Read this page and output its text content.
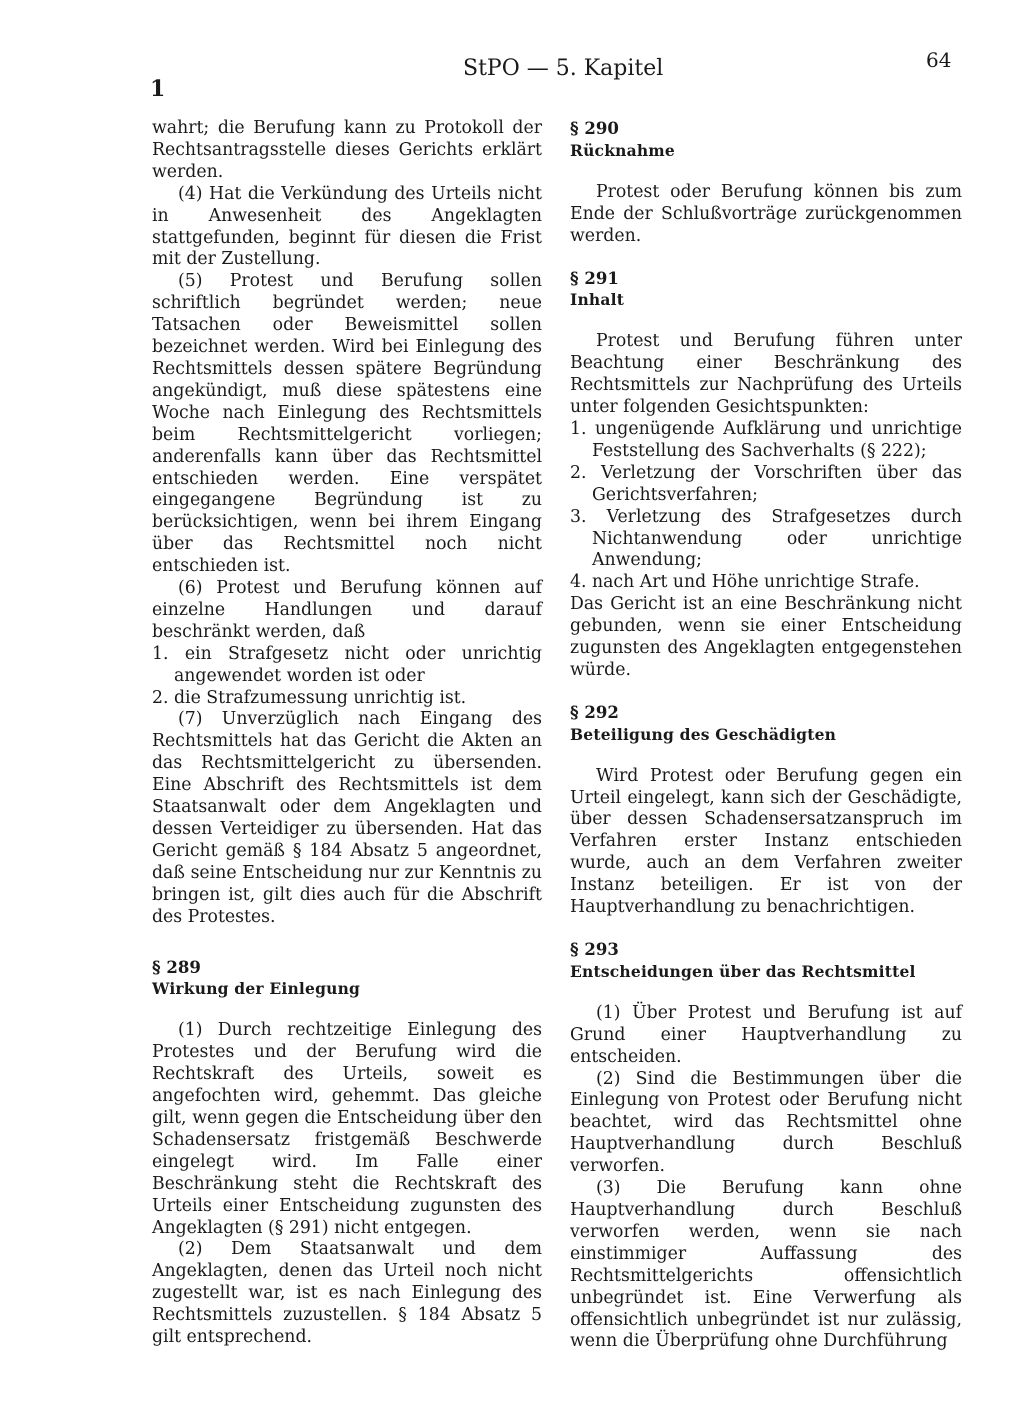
1
StPO — 5. Kapitel	64

wahrt; die Berufung kann zu Protokoll der Rechtsantragsstelle dieses Gerichts erklärt werden.

(4) Hat die Verkündung des Urteils nicht in Anwesenheit des Angeklagten stattgefunden, beginnt für diesen die Frist mit der Zustellung.

(5) Protest und Berufung sollen schriftlich begründet werden; neue Tatsachen oder Beweismittel sollen bezeichnet werden. Wird bei Einlegung des Rechtsmittels dessen spätere Begründung angekündigt, muß diese spätestens eine Woche nach Einlegung des Rechtsmittels beim Rechtsmittelgericht vorliegen; anderenfalls kann über das Rechtsmittel entschieden werden. Eine verspätet eingegangene Begründung ist zu berücksichtigen, wenn bei ihrem Eingang über das Rechtsmittel noch nicht entschieden ist.

(6) Protest und Berufung können auf einzelne Handlungen und darauf beschränkt werden, daß

1. ein Strafgesetz nicht oder unrichtig angewendet worden ist oder

2. die Strafzumessung unrichtig ist.

(7) Unverzüglich nach Eingang des Rechtsmittels hat das Gericht die Akten an das Rechtsmittelgericht zu übersenden. Eine Abschrift des Rechtsmittels ist dem Staatsanwalt oder dem Angeklagten und dessen Verteidiger zu übersenden. Hat das Gericht gemäß § 184 Absatz 5 angeordnet, daß seine Entscheidung nur zur Kenntnis zu bringen ist, gilt dies auch für die Abschrift des Protestes.

§ 289

Wirkung der Einlegung

(1) Durch rechtzeitige Einlegung des Protestes und der Berufung wird die Rechtskraft des Urteils, soweit es angefochten wird, gehemmt. Das gleiche gilt, wenn gegen die Entscheidung über den Schadensersatz fristgemäß Beschwerde eingelegt wird. Im Falle einer Beschränkung steht die Rechtskraft des Urteils einer Entscheidung zugunsten des Angeklagten (§ 291) nicht entgegen.

(2) Dem Staatsanwalt und dem Angeklagten, denen das Urteil noch nicht zugestellt war, ist es nach Einlegung des Rechtsmittels zuzustellen. § 184 Absatz 5 gilt entsprechend.

§ 290

Rücknahme

Protest oder Berufung können bis zum Ende der Schlußvorträge zurückgenommen werden.

§ 291

Inhalt

Protest und Berufung führen unter Beachtung einer Beschränkung des Rechtsmittels zur Nachprüfung des Urteils unter folgenden Gesichtspunkten:

1. ungenügende Aufklärung und unrichtige Feststellung des Sachverhalts (§ 222);

2. Verletzung der Vorschriften über das Gerichtsverfahren;

3. Verletzung des Strafgesetzes durch Nichtanwendung oder unrichtige Anwendung;

4. nach Art und Höhe unrichtige Strafe.

Das Gericht ist an eine Beschränkung nicht gebunden, wenn sie einer Entscheidung zugunsten des Angeklagten entgegenstehen würde.

§ 292

Beteiligung des Geschädigten

Wird Protest oder Berufung gegen ein Urteil eingelegt, kann sich der Geschädigte, über dessen Schadensersatzanspruch im Verfahren erster Instanz entschieden wurde, auch an dem Verfahren zweiter Instanz beteiligen. Er ist von der Hauptverhandlung zu benachrichtigen.

§ 293

Entscheidungen über das Rechtsmittel

(1) Über Protest und Berufung ist auf Grund einer Hauptverhandlung zu entscheiden.

(2) Sind die Bestimmungen über die Einlegung von Protest oder Berufung nicht beachtet, wird das Rechtsmittel ohne Hauptverhandlung durch Beschluß verworfen.

(3) Die Berufung kann ohne Hauptverhandlung durch Beschluß verworfen werden, wenn sie nach einstimmiger Auffassung des Rechtsmittelgerichts offensichtlich unbegründet ist. Eine Verwerfung als offensichtlich unbegründet ist nur zulässig, wenn die Überprüfung ohne Durchführung
